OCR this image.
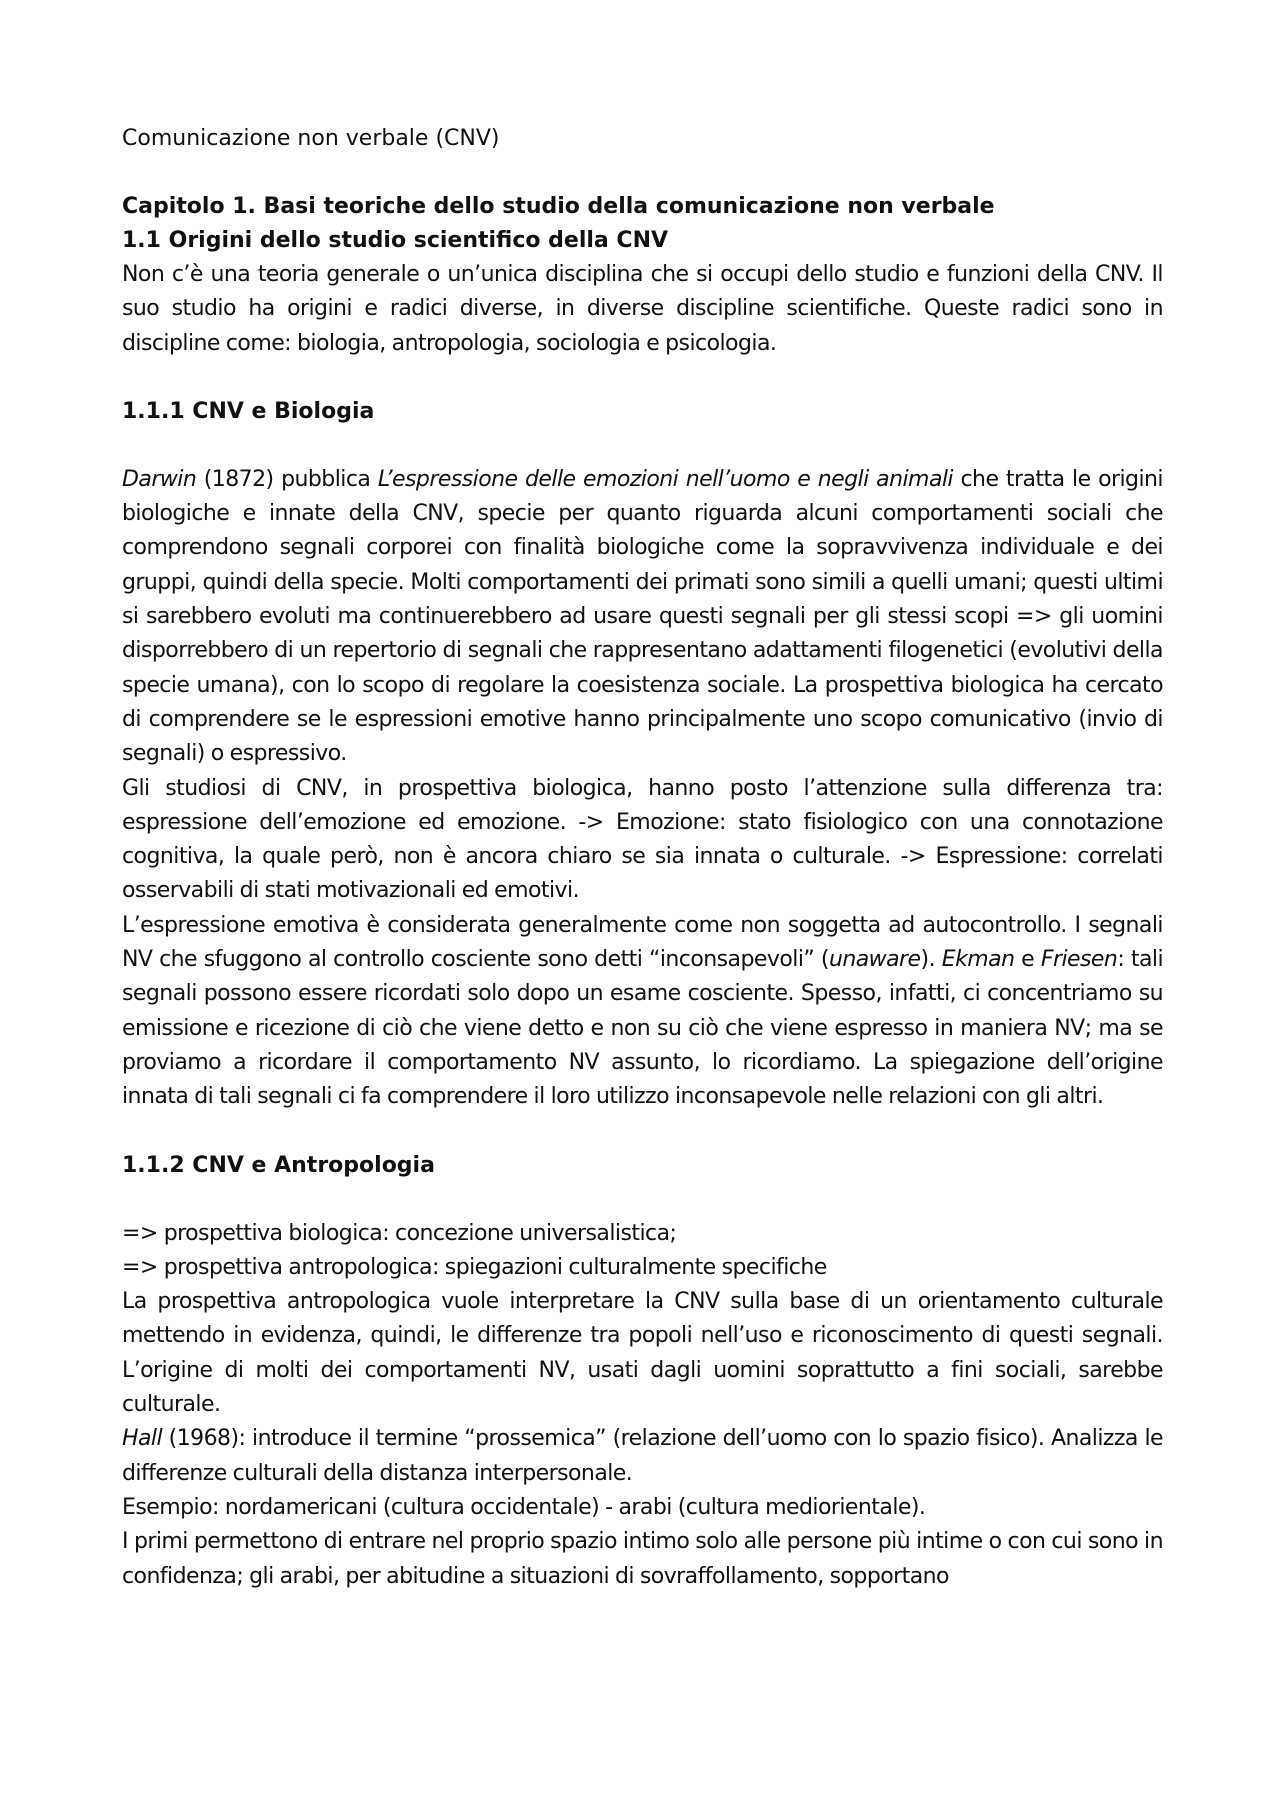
Comunicazione non verbale (CNV)

Capitolo 1. Basi teoriche dello studio della comunicazione non verbale

1.1 Origini dello studio scientifico della CNV

Non c’è una teoria generale o un’unica disciplina che si occupi dello studio e funzioni della CNV. Il suo studio ha origini e radici diverse, in diverse discipline scientifiche. Queste radici sono in discipline come: biologia, antropologia, sociologia e psicologia.

1.1.1 CNV e Biologia

Darwin (1872) pubblica L’espressione delle emozioni nell’uomo e negli animali che tratta le origini biologiche e innate della CNV, specie per quanto riguarda alcuni comportamenti sociali che comprendono segnali corporei con finalità biologiche come la sopravvivenza individuale e dei gruppi, quindi della specie. Molti comportamenti dei primati sono simili a quelli umani; questi ultimi si sarebbero evoluti ma continuerebbero ad usare questi segnali per gli stessi scopi => gli uomini disporrebbero di un repertorio di segnali che rappresentano adattamenti filogenetici (evolutivi della specie umana), con lo scopo di regolare la coesistenza sociale. La prospettiva biologica ha cercato di comprendere se le espressioni emotive hanno principalmente uno scopo comunicativo (invio di segnali) o espressivo.

Gli studiosi di CNV, in prospettiva biologica, hanno posto l’attenzione sulla differenza tra: espressione dell’emozione ed emozione. -> Emozione: stato fisiologico con una connotazione cognitiva, la quale però, non è ancora chiaro se sia innata o culturale. -> Espressione: correlati osservabili di stati motivazionali ed emotivi.

L’espressione emotiva è considerata generalmente come non soggetta ad autocontrollo. I segnali NV che sfuggono al controllo cosciente sono detti “inconsapevoli” (unaware). Ekman e Friesen: tali segnali possono essere ricordati solo dopo un esame cosciente. Spesso, infatti, ci concentriamo su emissione e ricezione di ciò che viene detto e non su ciò che viene espresso in maniera NV; ma se proviamo a ricordare il comportamento NV assunto, lo ricordiamo. La spiegazione dell’origine innata di tali segnali ci fa comprendere il loro utilizzo inconsapevole nelle relazioni con gli altri.

1.1.2 CNV e Antropologia

=> prospettiva biologica: concezione universalistica;

=> prospettiva antropologica: spiegazioni culturalmente specifiche

La prospettiva antropologica vuole interpretare la CNV sulla base di un orientamento culturale mettendo in evidenza, quindi, le differenze tra popoli nell’uso e riconoscimento di questi segnali. L’origine di molti dei comportamenti NV, usati dagli uomini soprattutto a fini sociali, sarebbe culturale.

Hall (1968): introduce il termine “prossemica” (relazione dell’uomo con lo spazio fisico). Analizza le differenze culturali della distanza interpersonale.

Esempio: nordamericani (cultura occidentale) - arabi (cultura mediorientale).

I primi permettono di entrare nel proprio spazio intimo solo alle persone più intime o con cui sono in confidenza; gli arabi, per abitudine a situazioni di sovraffollamento, sopportano
